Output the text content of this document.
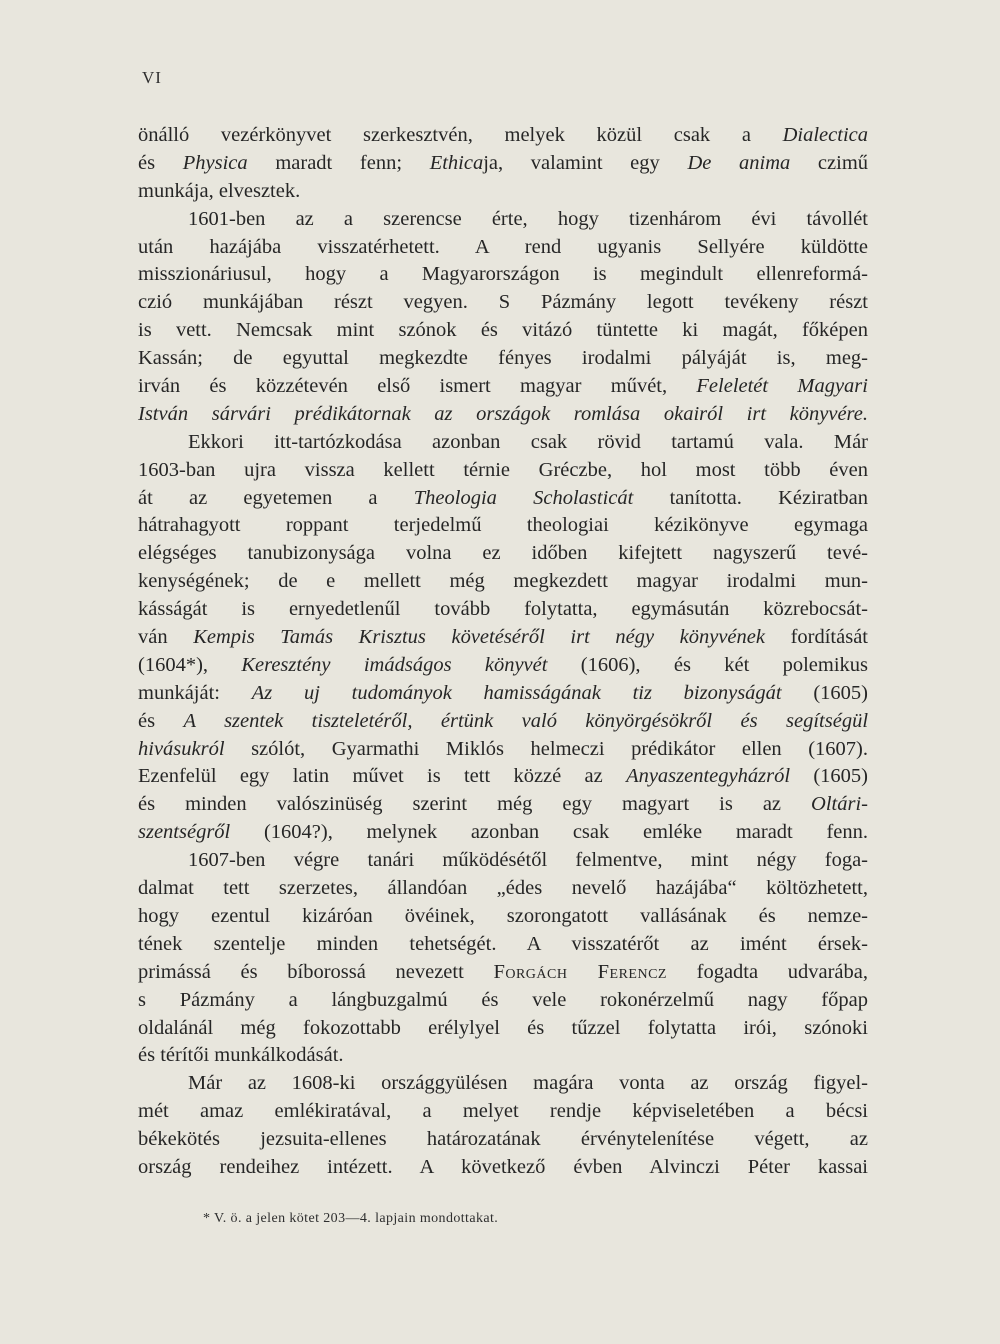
VI
önálló vezérkönyvet szerkesztvén, melyek közül csak a Dialectica
és Physica maradt fenn; Ethicaja, valamint egy De anima czimű
munkája, elvesztek.
1601-ben az a szerencse érte, hogy tizenhárom évi távollét
után hazájába visszatérhetett. A rend ugyanis Sellyére küldötte
misszionáriusul, hogy a Magyarországon is megindult ellenreformá-
czió munkájában részt vegyen. S Pázmány legott tevékeny részt
is vett. Nemcsak mint szónok és vitázó tüntette ki magát, főképen
Kassán; de egyuttal megkezdte fényes irodalmi pályáját is, meg-
irván és közzétevén első ismert magyar művét, Feleletét Magyari
István sárvári prédikátornak az országok romlása okairól irt könyvére.
Ekkori itt-tartózkodása azonban csak rövid tartamú vala. Már
1603-ban ujra vissza kellett térnie Gréczbe, hol most több éven
át az egyetemen a Theologia Scholasticát tanította. Kéziratban
hátrahagyott roppant terjedelmű theologiai kézikönyve egymaga
elégséges tanubizonysága volna ez időben kifejtett nagyszerű tevé-
kenységének; de e mellett még megkezdett magyar irodalmi mun-
kásságát is ernyedetlenűl tovább folytatta, egymásután közrebocsát-
ván Kempis Tamás Krisztus követéséről irt négy könyvének fordítását
(1604*), Keresztény imádságos könyvét (1606), és két polemikus
munkáját: Az uj tudományok hamisságának tiz bizonyságát (1605)
és A szentek tiszteletéről, értünk való könyörgésökről és segítségül
hivásukról szólót, Gyarmathi Miklós helmeczi prédikátor ellen (1607).
Ezenfelül egy latin művet is tett közzé az Anyaszentegyházról (1605)
és minden valószinüség szerint még egy magyart is az Oltári-
szentségről (1604?), melynek azonban csak emléke maradt fenn.
1607-ben végre tanári működésétől felmentve, mint négy foga-
dalmat tett szerzetes, állandóan „édes nevelő hazájába“ költözhetett,
hogy ezentul kizáróan övéinek, szorongatott vallásának és nemze-
tének szentelje minden tehetségét. A visszatérőt az imént érsek-
primássá és bíborossá nevezett Forgách Ferencz fogadta udvarába,
s Pázmány a lángbuzgalmú és vele rokonérzelmű nagy főpap
oldalánál még fokozottabb erélylyel és tűzzel folytatta irói, szónoki
és térítői munkálkodását.
Már az 1608-ki országgyülésen magára vonta az ország figyel-
mét amaz emlékiratával, a melyet rendje képviseletében a bécsi
békekötés jezsuita-ellenes határozatának érvénytelenítése végett, az
ország rendeihez intézett. A következő évben Alvinczi Péter kassai
* V. ö. a jelen kötet 203—4. lapjain mondottakat.
